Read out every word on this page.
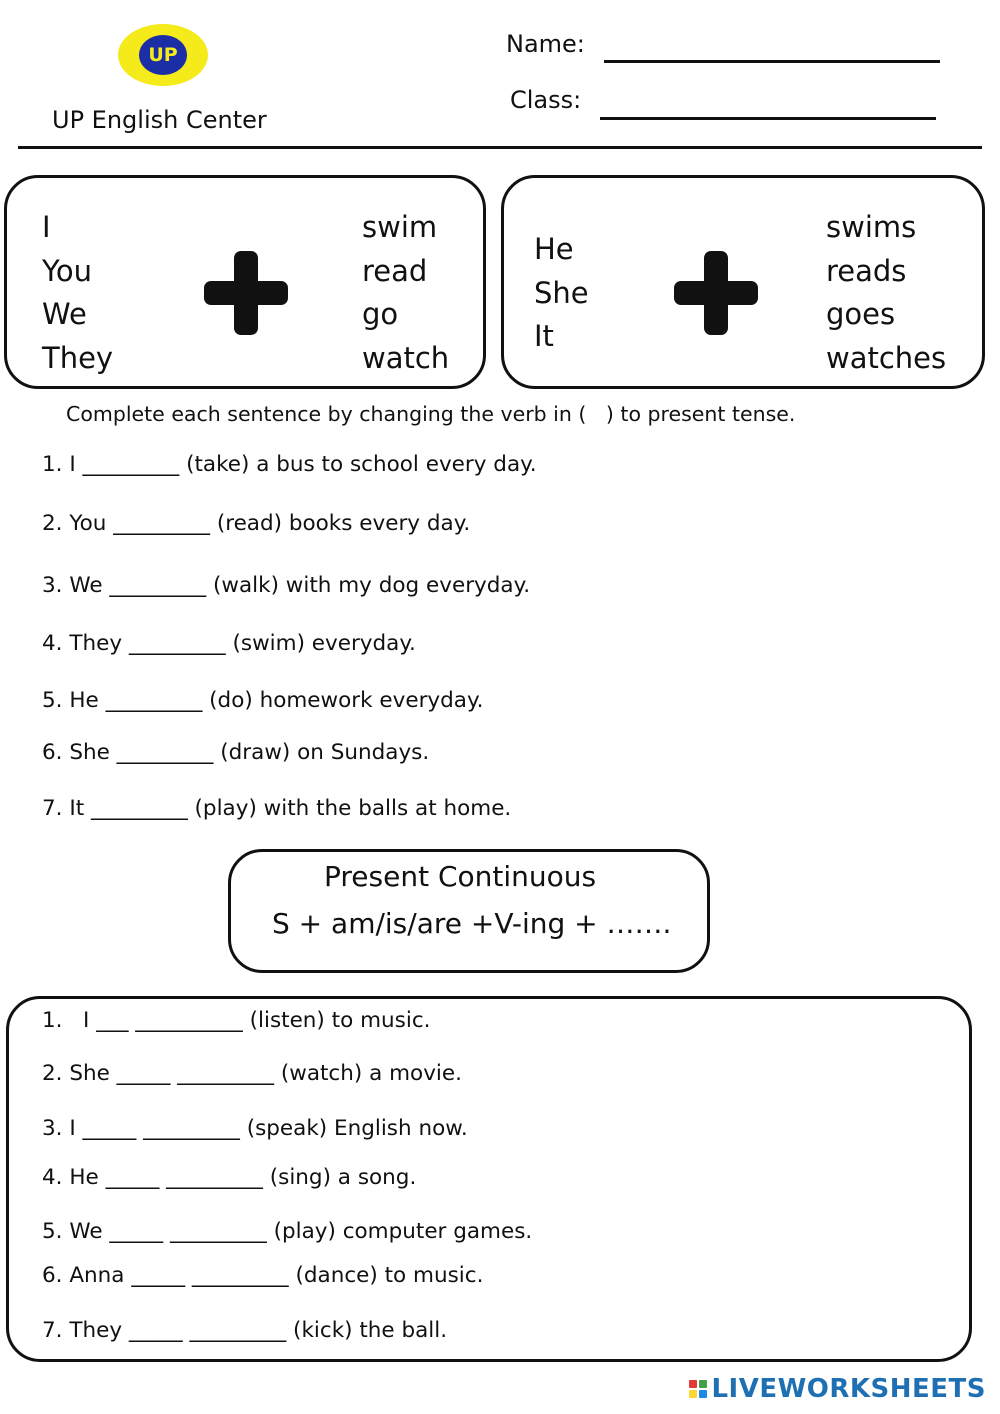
UP
UP English Center
Name:
Class:
I
You
We
They
swim
read
go
watch
He
She
It
swims
reads
goes
watches
Complete each sentence by changing the verb in (   ) to present tense.
1. I _________ (take) a bus to school every day.
2. You _________ (read) books every day.
3. We _________ (walk) with my dog everyday.
4. They _________ (swim) everyday.
5. He _________ (do) homework everyday.
6. She _________ (draw) on Sundays.
7. It _________ (play) with the balls at home.
Present Continuous
S + am/is/are +V-ing + …….
1.   I ___ __________ (listen) to music.
2. She _____ _________ (watch) a movie.
3. I _____ _________ (speak) English now.
4. He _____ _________ (sing) a song.
5. We _____ _________ (play) computer games.
6. Anna _____ _________ (dance) to music.
7. They _____ _________ (kick) the ball.
LIVEWORKSHEETS
